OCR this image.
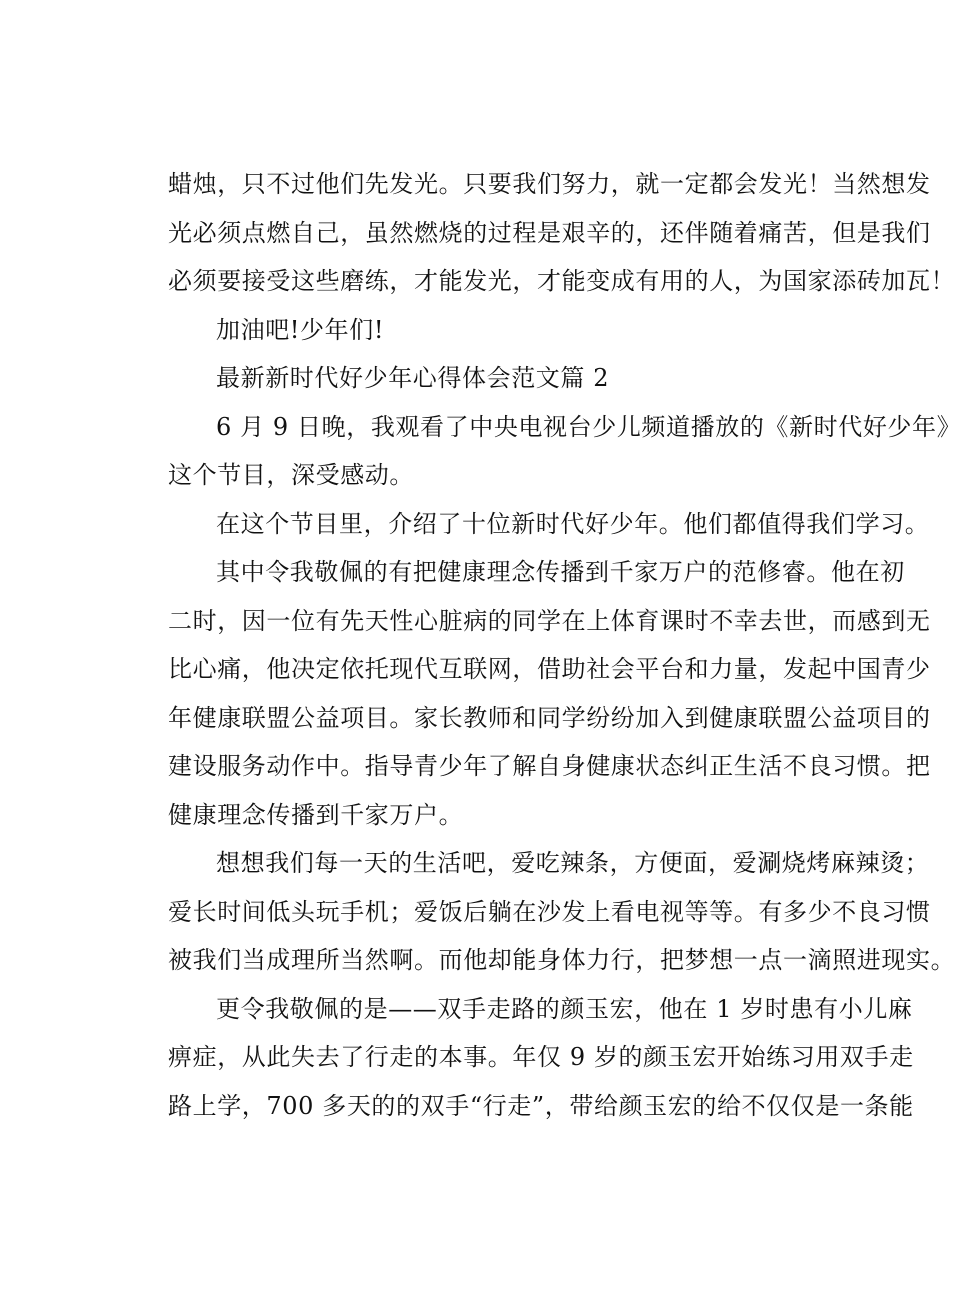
蜡烛，只不过他们先发光。只要我们努力，就一定都会发光！当然想发
光必须点燃自己，虽然燃烧的过程是艰辛的，还伴随着痛苦，但是我们
必须要接受这些磨练，才能发光，才能变成有用的人，为国家添砖加瓦！
加油吧!少年们!
最新新时代好少年心得体会范文篇 2
6 月 9 日晚，我观看了中央电视台少儿频道播放的《新时代好少年》
这个节目，深受感动。
在这个节目里，介绍了十位新时代好少年。他们都值得我们学习。
其中令我敬佩的有把健康理念传播到千家万户的范修睿。他在初
二时，因一位有先天性心脏病的同学在上体育课时不幸去世，而感到无
比心痛，他决定依托现代互联网，借助社会平台和力量，发起中国青少
年健康联盟公益项目。家长教师和同学纷纷加入到健康联盟公益项目的
建设服务动作中。指导青少年了解自身健康状态纠正生活不良习惯。把
健康理念传播到千家万户。
想想我们每一天的生活吧，爱吃辣条，方便面，爱涮烧烤麻辣烫；
爱长时间低头玩手机；爱饭后躺在沙发上看电视等等。有多少不良习惯
被我们当成理所当然啊。而他却能身体力行，把梦想一点一滴照进现实。
更令我敬佩的是——双手走路的颜玉宏，他在 1 岁时患有小儿麻
痹症，从此失去了行走的本事。年仅 9 岁的颜玉宏开始练习用双手走
路上学，700 多天的的双手“行走”，带给颜玉宏的给不仅仅是一条能
